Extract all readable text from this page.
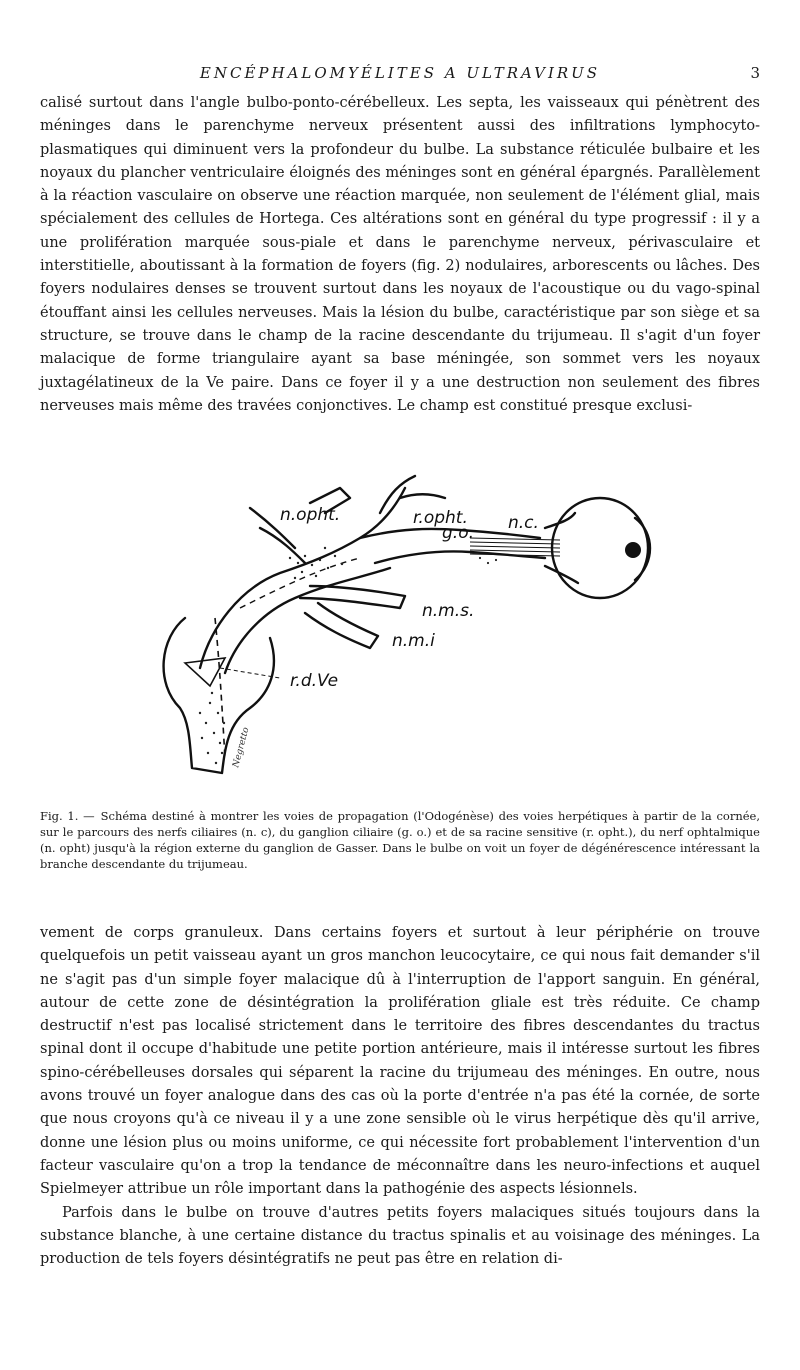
ENCÉPHALOMYÉLITES A ULTRAVIRUS	3

calisé surtout dans l'angle bulbo-ponto-cérébelleux. Les septa, les vaisseaux qui pénètrent des méninges dans le parenchyme nerveux présentent aussi des infiltrations lymphocyto-plasmatiques qui diminuent vers la profondeur du bulbe. La substance réticulée bulbaire et les noyaux du plancher ventriculaire éloignés des méninges sont en général épargnés. Parallèlement à la réaction vasculaire on observe une réaction marquée, non seulement de l'élément glial, mais spécialement des cellules de Hortega. Ces altérations sont en général du type progressif : il y a une prolifération marquée sous-piale et dans le parenchyme nerveux, périvasculaire et interstitielle, aboutissant à la formation de foyers (fig. 2) nodulaires, arborescents ou lâches. Des foyers nodulaires denses se trouvent surtout dans les noyaux de l'acoustique ou du vago-spinal étouffant ainsi les cellules nerveuses. Mais la lésion du bulbe, caractéristique par son siège et sa structure, se trouve dans le champ de la racine descendante du trijumeau. Il s'agit d'un foyer malacique de forme triangulaire ayant sa base méningée, son sommet vers les noyaux juxtagélatineux de la Ve paire. Dans ce foyer il y a une destruction non seulement des fibres nerveuses mais même des travées conjonctives. Le champ est constitué presque exclusi-

n.opht.	r.opht.
g.o. n.c.
n.m.s.
n.m.i
r.d.Ve
Negretto

Fig. 1. — Schéma destiné à montrer les voies de propagation (l'Odogénèse) des voies herpétiques à partir de la cornée, sur le parcours des nerfs ciliaires (n. c), du ganglion ciliaire (g. o.) et de sa racine sensitive (r. opht.), du nerf ophtalmique (n. opht) jusqu'à la région externe du ganglion de Gasser. Dans le bulbe on voit un foyer de dégénérescence intéressant la branche descendante du trijumeau.

vement de corps granuleux. Dans certains foyers et surtout à leur périphérie on trouve quelquefois un petit vaisseau ayant un gros manchon leucocytaire, ce qui nous fait demander s'il ne s'agit pas d'un simple foyer malacique dû à l'interruption de l'apport sanguin. En général, autour de cette zone de désintégration la prolifération gliale est très réduite. Ce champ destructif n'est pas localisé strictement dans le territoire des fibres descendantes du tractus spinal dont il occupe d'habitude une petite portion antérieure, mais il intéresse surtout les fibres spino-cérébelleuses dorsales qui séparent la racine du trijumeau des méninges. En outre, nous avons trouvé un foyer analogue dans des cas où la porte d'entrée n'a pas été la cornée, de sorte que nous croyons qu'à ce niveau il y a une zone sensible où le virus herpétique dès qu'il arrive, donne une lésion plus ou moins uniforme, ce qui nécessite fort probablement l'intervention d'un facteur vasculaire qu'on a trop la tendance de méconnaître dans les neuro-infections et auquel Spielmeyer attribue un rôle important dans la pathogénie des aspects lésionnels.

Parfois dans le bulbe on trouve d'autres petits foyers malaciques situés toujours dans la substance blanche, à une certaine distance du tractus spinalis et au voisinage des méninges. La production de tels foyers désintégratifs ne peut pas être en relation di-
